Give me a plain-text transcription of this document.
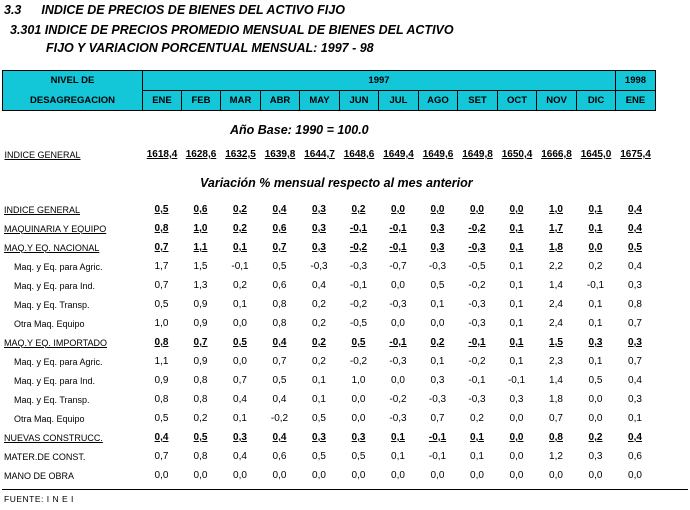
3.3 INDICE DE PRECIOS DE BIENES DEL ACTIVO FIJO
3.301 INDICE DE PRECIOS PROMEDIO MENSUAL DE BIENES DEL ACTIVO
FIJO Y VARIACION PORCENTUAL MENSUAL: 1997 - 98
NIVEL DE	1997												1998
DESAGREGACION	ENE	FEB	MAR	ABR	MAY	JUN	JUL	AGO	SET	OCT	NOV	DIC	ENE

INDICE GENERAL	1618,4	1628,6	1632,5	1639,8	1644,7	1648,6	1649,4	1649,6	1649,8	1650,4	1666,8	1645,0	1675,4
Año Base: 1990 = 100.0
Variación % mensual respecto al mes anterior
INDICE GENERAL	0,5	0,6	0,2	0,4	0,3	0,2	0,0	0,0	0,0	0,0	1,0	0,1	0,4
MAQUINARIA Y EQUIPO	0,8	1,0	0,2	0,6	0,3	-0,1	-0,1	0,3	-0,2	0,1	1,7	0,1	0,4
MAQ.Y EQ. NACIONAL	0,7	1,1	0,1	0,7	0,3	-0,2	-0,1	0,3	-0,3	0,1	1,8	0,0	0,5
Maq. y Eq. para Agric.	1,7	1,5	-0,1	0,5	-0,3	-0,3	-0,7	-0,3	-0,5	0,1	2,2	0,2	0,4
Maq. y Eq. para Ind.	0,7	1,3	0,2	0,6	0,4	-0,1	0,0	0,5	-0,2	0,1	1,4	-0,1	0,3
Maq. y Eq. Transp.	0,5	0,9	0,1	0,8	0,2	-0,2	-0,3	0,1	-0,3	0,1	2,4	0,1	0,8
Otra Maq. Equipo	1,0	0,9	0,0	0,8	0,2	-0,5	0,0	0,0	-0,3	0,1	2,4	0,1	0,7
MAQ.Y EQ. IMPORTADO	0,8	0,7	0,5	0,4	0,2	0,5	-0,1	0,2	-0,1	0,1	1,5	0,3	0,3
Maq. y Eq. para Agric.	1,1	0,9	0,0	0,7	0,2	-0,2	-0,3	0,1	-0,2	0,1	2,3	0,1	0,7
Maq. y Eq. para Ind.	0,9	0,8	0,7	0,5	0,1	1,0	0,0	0,3	-0,1	-0,1	1,4	0,5	0,4
Maq. y Eq. Transp.	0,8	0,8	0,4	0,4	0,1	0,0	-0,2	-0,3	-0,3	0,3	1,8	0,0	0,3
Otra Maq. Equipo	0,5	0,2	0,1	-0,2	0,5	0,0	-0,3	0,7	0,2	0,0	0,7	0,0	0,1
NUEVAS CONSTRUCC.	0,4	0,5	0,3	0,4	0,3	0,3	0,1	-0,1	0,1	0,0	0,8	0,2	0,4
MATER.DE CONST.	0,7	0,8	0,4	0,6	0,5	0,5	0,1	-0,1	0,1	0,0	1,2	0,3	0,6
MANO DE OBRA	0,0	0,0	0,0	0,0	0,0	0,0	0,0	0,0	0,0	0,0	0,0	0,0	0,0
FUENTE: I N E I
